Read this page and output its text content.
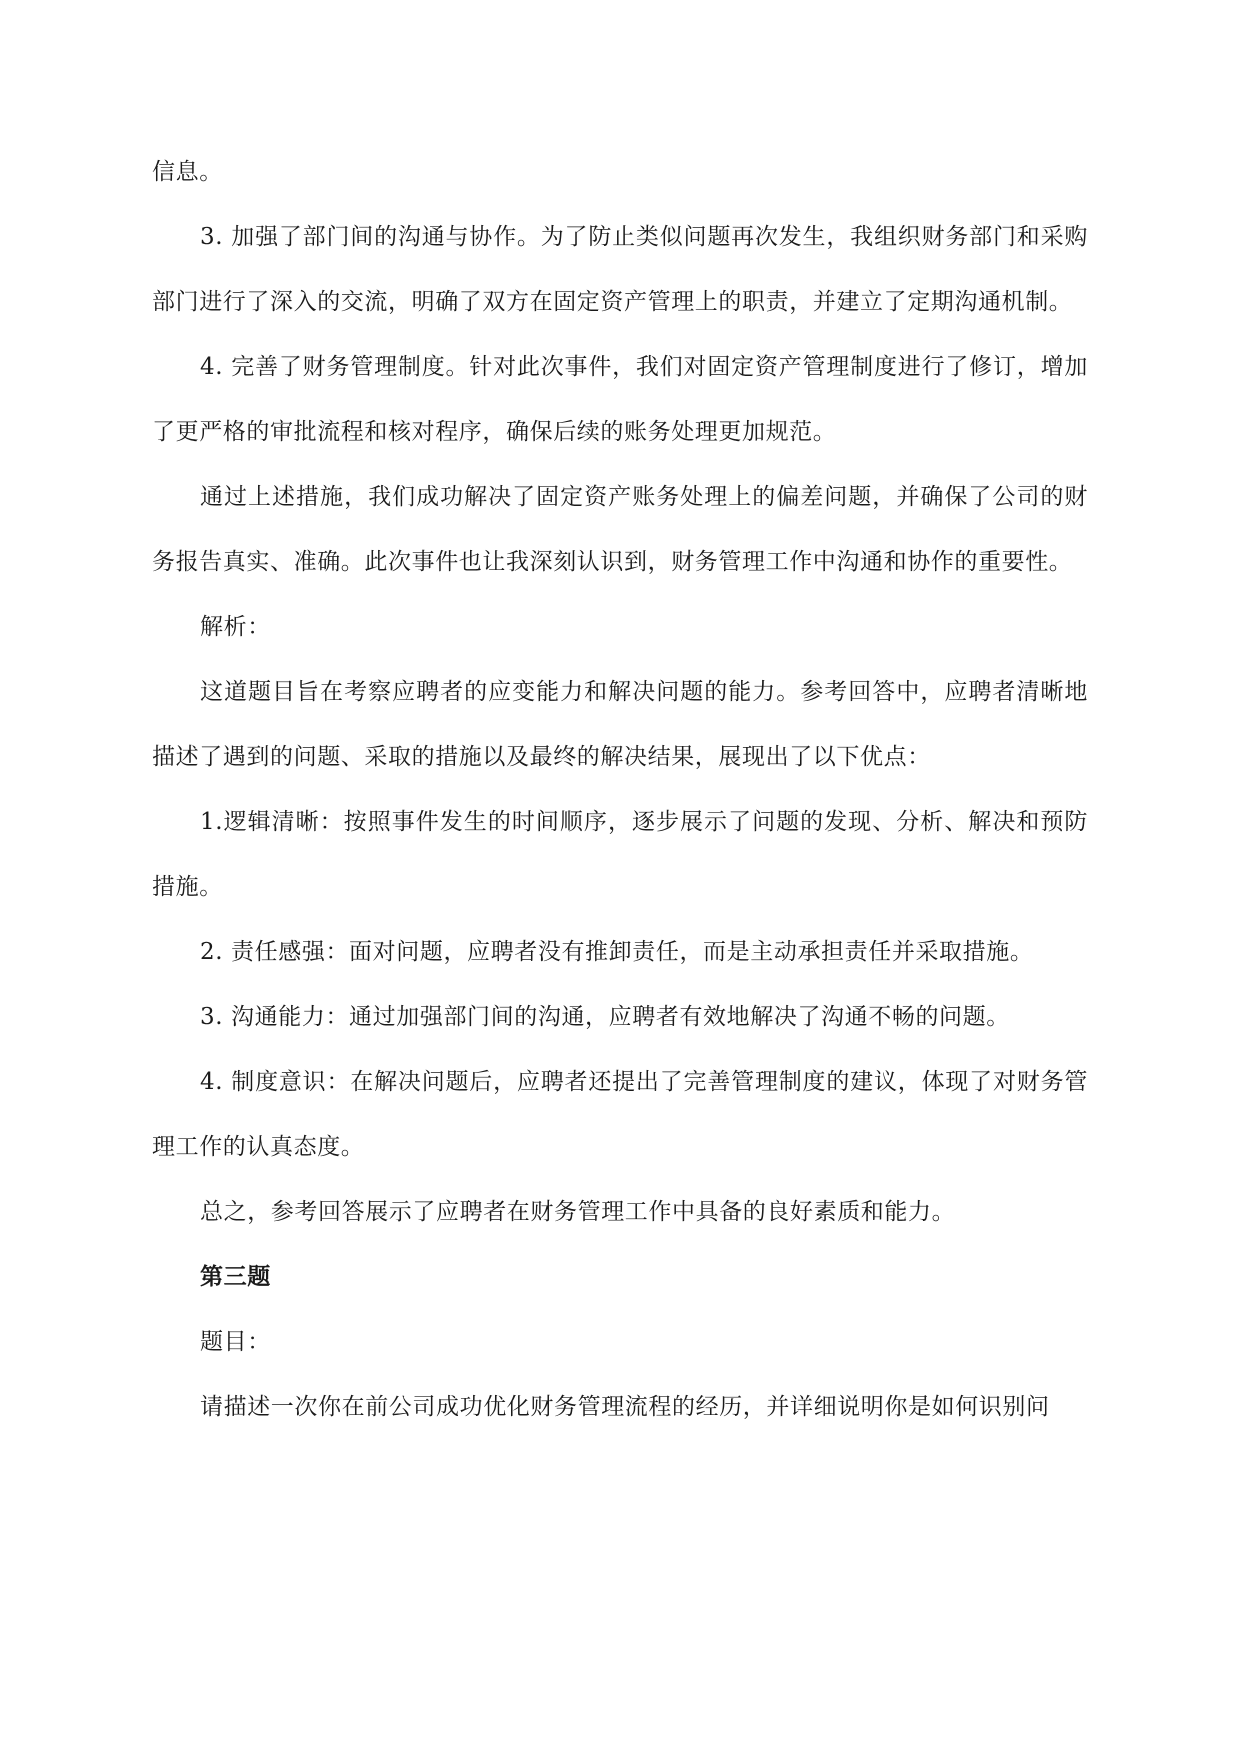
信息。

3. 加强了部门间的沟通与协作。为了防止类似问题再次发生，我组织财务部门和采购部门进行了深入的交流，明确了双方在固定资产管理上的职责，并建立了定期沟通机制。

4. 完善了财务管理制度。针对此次事件，我们对固定资产管理制度进行了修订，增加了更严格的审批流程和核对程序，确保后续的账务处理更加规范。

通过上述措施，我们成功解决了固定资产账务处理上的偏差问题，并确保了公司的财务报告真实、准确。此次事件也让我深刻认识到，财务管理工作中沟通和协作的重要性。

解析：

这道题目旨在考察应聘者的应变能力和解决问题的能力。参考回答中，应聘者清晰地描述了遇到的问题、采取的措施以及最终的解决结果，展现出了以下优点：

1.逻辑清晰：按照事件发生的时间顺序，逐步展示了问题的发现、分析、解决和预防措施。

2. 责任感强：面对问题，应聘者没有推卸责任，而是主动承担责任并采取措施。

3. 沟通能力：通过加强部门间的沟通，应聘者有效地解决了沟通不畅的问题。

4. 制度意识：在解决问题后，应聘者还提出了完善管理制度的建议，体现了对财务管理工作的认真态度。

总之，参考回答展示了应聘者在财务管理工作中具备的良好素质和能力。

第三题

题目：

请描述一次你在前公司成功优化财务管理流程的经历，并详细说明你是如何识别问
